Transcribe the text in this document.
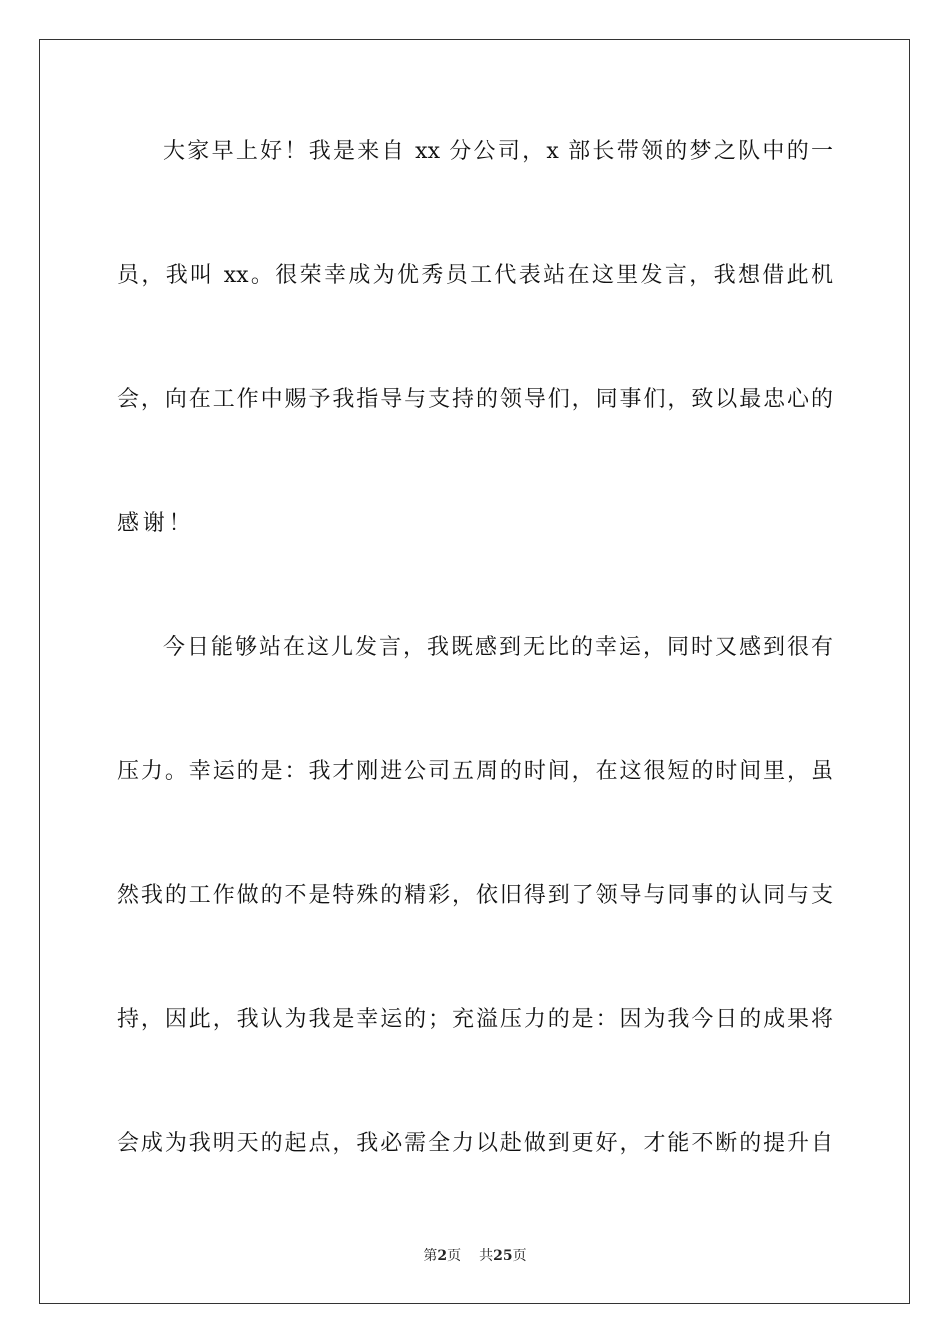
大家早上好！我是来自 xx 分公司，x 部长带领的梦之队中的一
员，我叫 xx。很荣幸成为优秀员工代表站在这里发言，我想借此机
会，向在工作中赐予我指导与支持的领导们，同事们，致以最忠心的
感谢！
今日能够站在这儿发言，我既感到无比的幸运，同时又感到很有
压力。幸运的是：我才刚进公司五周的时间，在这很短的时间里，虽
然我的工作做的不是特殊的精彩，依旧得到了领导与同事的认同与支
持，因此，我认为我是幸运的；充溢压力的是：因为我今日的成果将
会成为我明天的起点，我必需全力以赴做到更好，才能不断的提升自
第2页 共25页
